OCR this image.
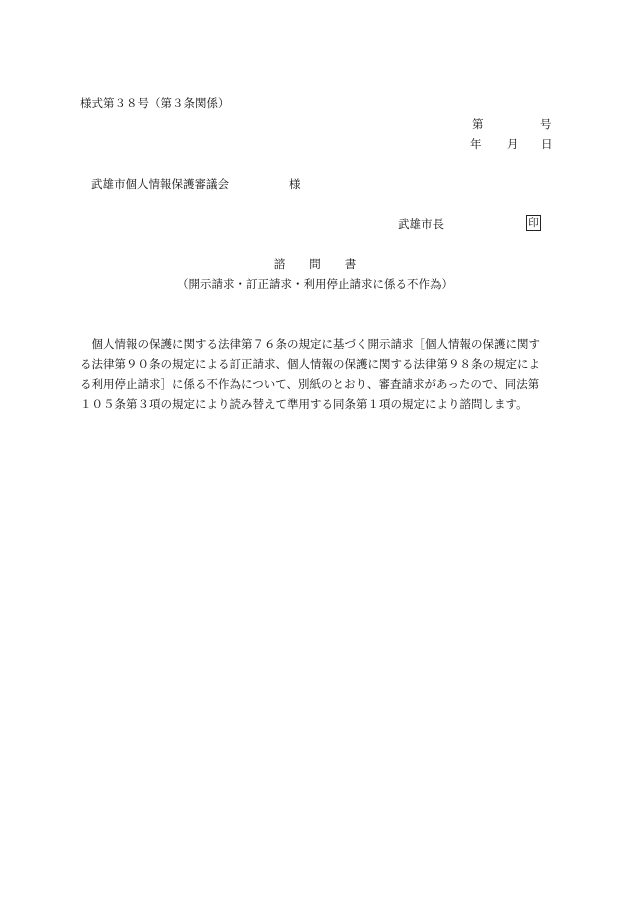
様式第３８号（第３条関係）
第	号
年 月 日
武雄市個人情報保護審議会	様
武雄市長	印
諮 問 書
（開示請求・訂正請求・利用停止請求に係る不作為）
　個人情報の保護に関する法律第７６条の規定に基づく開示請求［個人情報の保護に関す
る法律第９０条の規定による訂正請求、個人情報の保護に関する法律第９８条の規定によ
る利用停止請求］に係る不作為について、別紙のとおり、審査請求があったので、同法第
１０５条第３項の規定により読み替えて準用する同条第１項の規定により諮問します。
